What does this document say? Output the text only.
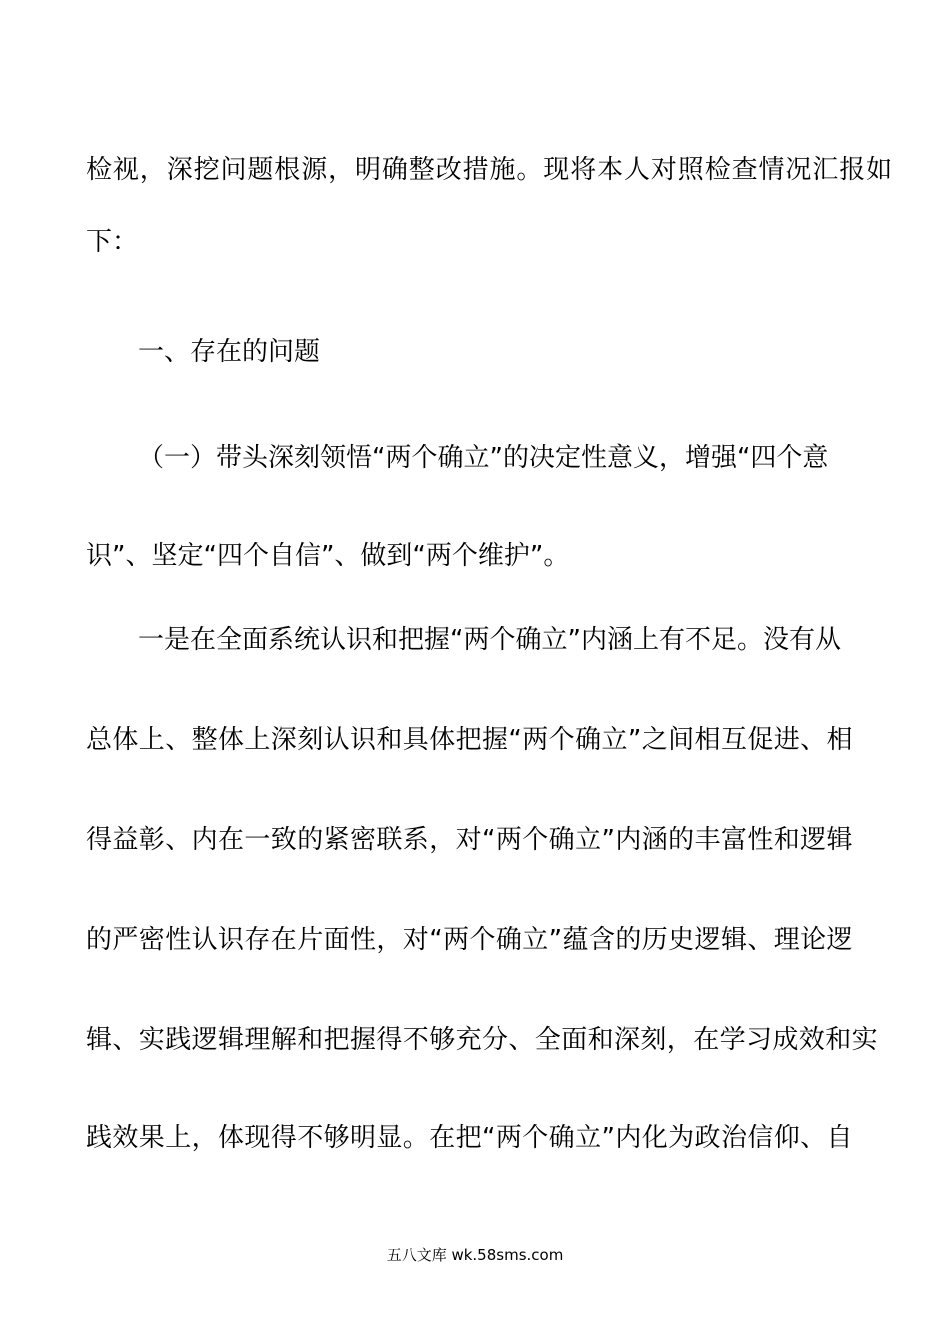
检视，深挖问题根源，明确整改措施。现将本人对照检查情况汇报如

下：

一、存在的问题

（一）带头深刻领悟“两个确立”的决定性意义，增强“四个意

识”、坚定“四个自信”、做到“两个维护”。

一是在全面系统认识和把握“两个确立”内涵上有不足。没有从

总体上、整体上深刻认识和具体把握“两个确立”之间相互促进、相

得益彰、内在一致的紧密联系，对“两个确立”内涵的丰富性和逻辑

的严密性认识存在片面性，对“两个确立”蕴含的历史逻辑、理论逻

辑、实践逻辑理解和把握得不够充分、全面和深刻，在学习成效和实

践效果上，体现得不够明显。在把“两个确立”内化为政治信仰、自

五八文库 wk.58sms.com
